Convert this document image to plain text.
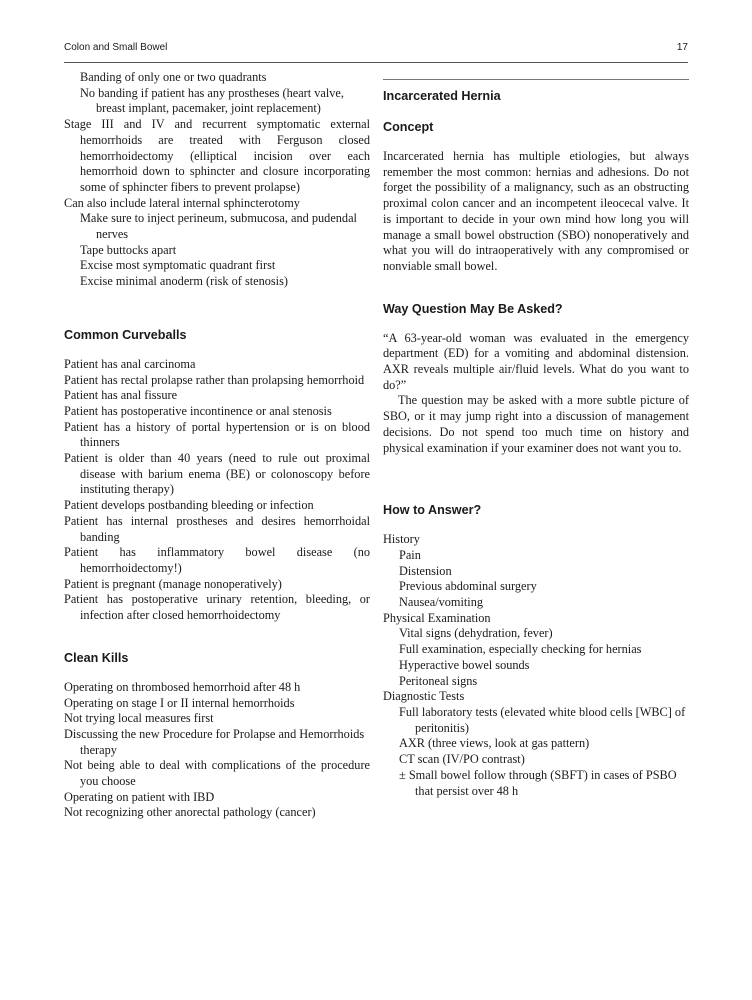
Colon and Small Bowel	17

Banding of only one or two quadrants

No banding if patient has any prostheses (heart valve, breast implant, pacemaker, joint replacement)

Stage III and IV and recurrent symptomatic external hemorrhoids are treated with Ferguson closed hemorrhoidectomy (elliptical incision over each hemorrhoid down to sphincter and closure incorporating some of sphincter fibers to prevent prolapse)

Can also include lateral internal sphincterotomy

Make sure to inject perineum, submucosa, and pudendal nerves

Tape buttocks apart

Excise most symptomatic quadrant first

Excise minimal anoderm (risk of stenosis)

Common Curveballs

Patient has anal carcinoma

Patient has rectal prolapse rather than prolapsing hemorrhoid

Patient has anal fissure

Patient has postoperative incontinence or anal stenosis

Patient has a history of portal hypertension or is on blood thinners

Patient is older than 40 years (need to rule out proximal disease with barium enema (BE) or colonoscopy before instituting therapy)

Patient develops postbanding bleeding or infection

Patient has internal prostheses and desires hemorrhoidal banding

Patient has inflammatory bowel disease (no hemorrhoidectomy!)

Patient is pregnant (manage nonoperatively)

Patient has postoperative urinary retention, bleeding, or infection after closed hemorrhoidectomy

Clean Kills

Operating on thrombosed hemorrhoid after 48 h

Operating on stage I or II internal hemorrhoids

Not trying local measures first

Discussing the new Procedure for Prolapse and Hemorrhoids therapy

Not being able to deal with complications of the procedure you choose

Operating on patient with IBD

Not recognizing other anorectal pathology (cancer)

Incarcerated Hernia
Concept

Incarcerated hernia has multiple etiologies, but always remember the most common: hernias and adhesions. Do not forget the possibility of a malignancy, such as an obstructing proximal colon cancer and an incompetent ileocecal valve. It is important to decide in your own mind how long you will manage a small bowel obstruction (SBO) nonoperatively and what you will do intraoperatively with any compromised or nonviable small bowel.

Way Question May Be Asked?

“A 63-year-old woman was evaluated in the emergency department (ED) for a vomiting and abdominal distension. AXR reveals multiple air/fluid levels. What do you want to do?”

The question may be asked with a more subtle picture of SBO, or it may jump right into a discussion of management decisions. Do not spend too much time on history and physical examination if your examiner does not want you to.

How to Answer?

History

Pain

Distension

Previous abdominal surgery

Nausea/vomiting

Physical Examination

Vital signs (dehydration, fever)

Full examination, especially checking for hernias

Hyperactive bowel sounds

Peritoneal signs

Diagnostic Tests

Full laboratory tests (elevated white blood cells [WBC] of peritonitis)

AXR (three views, look at gas pattern)

CT scan (IV/PO contrast)

± Small bowel follow through (SBFT) in cases of PSBO that persist over 48 h
